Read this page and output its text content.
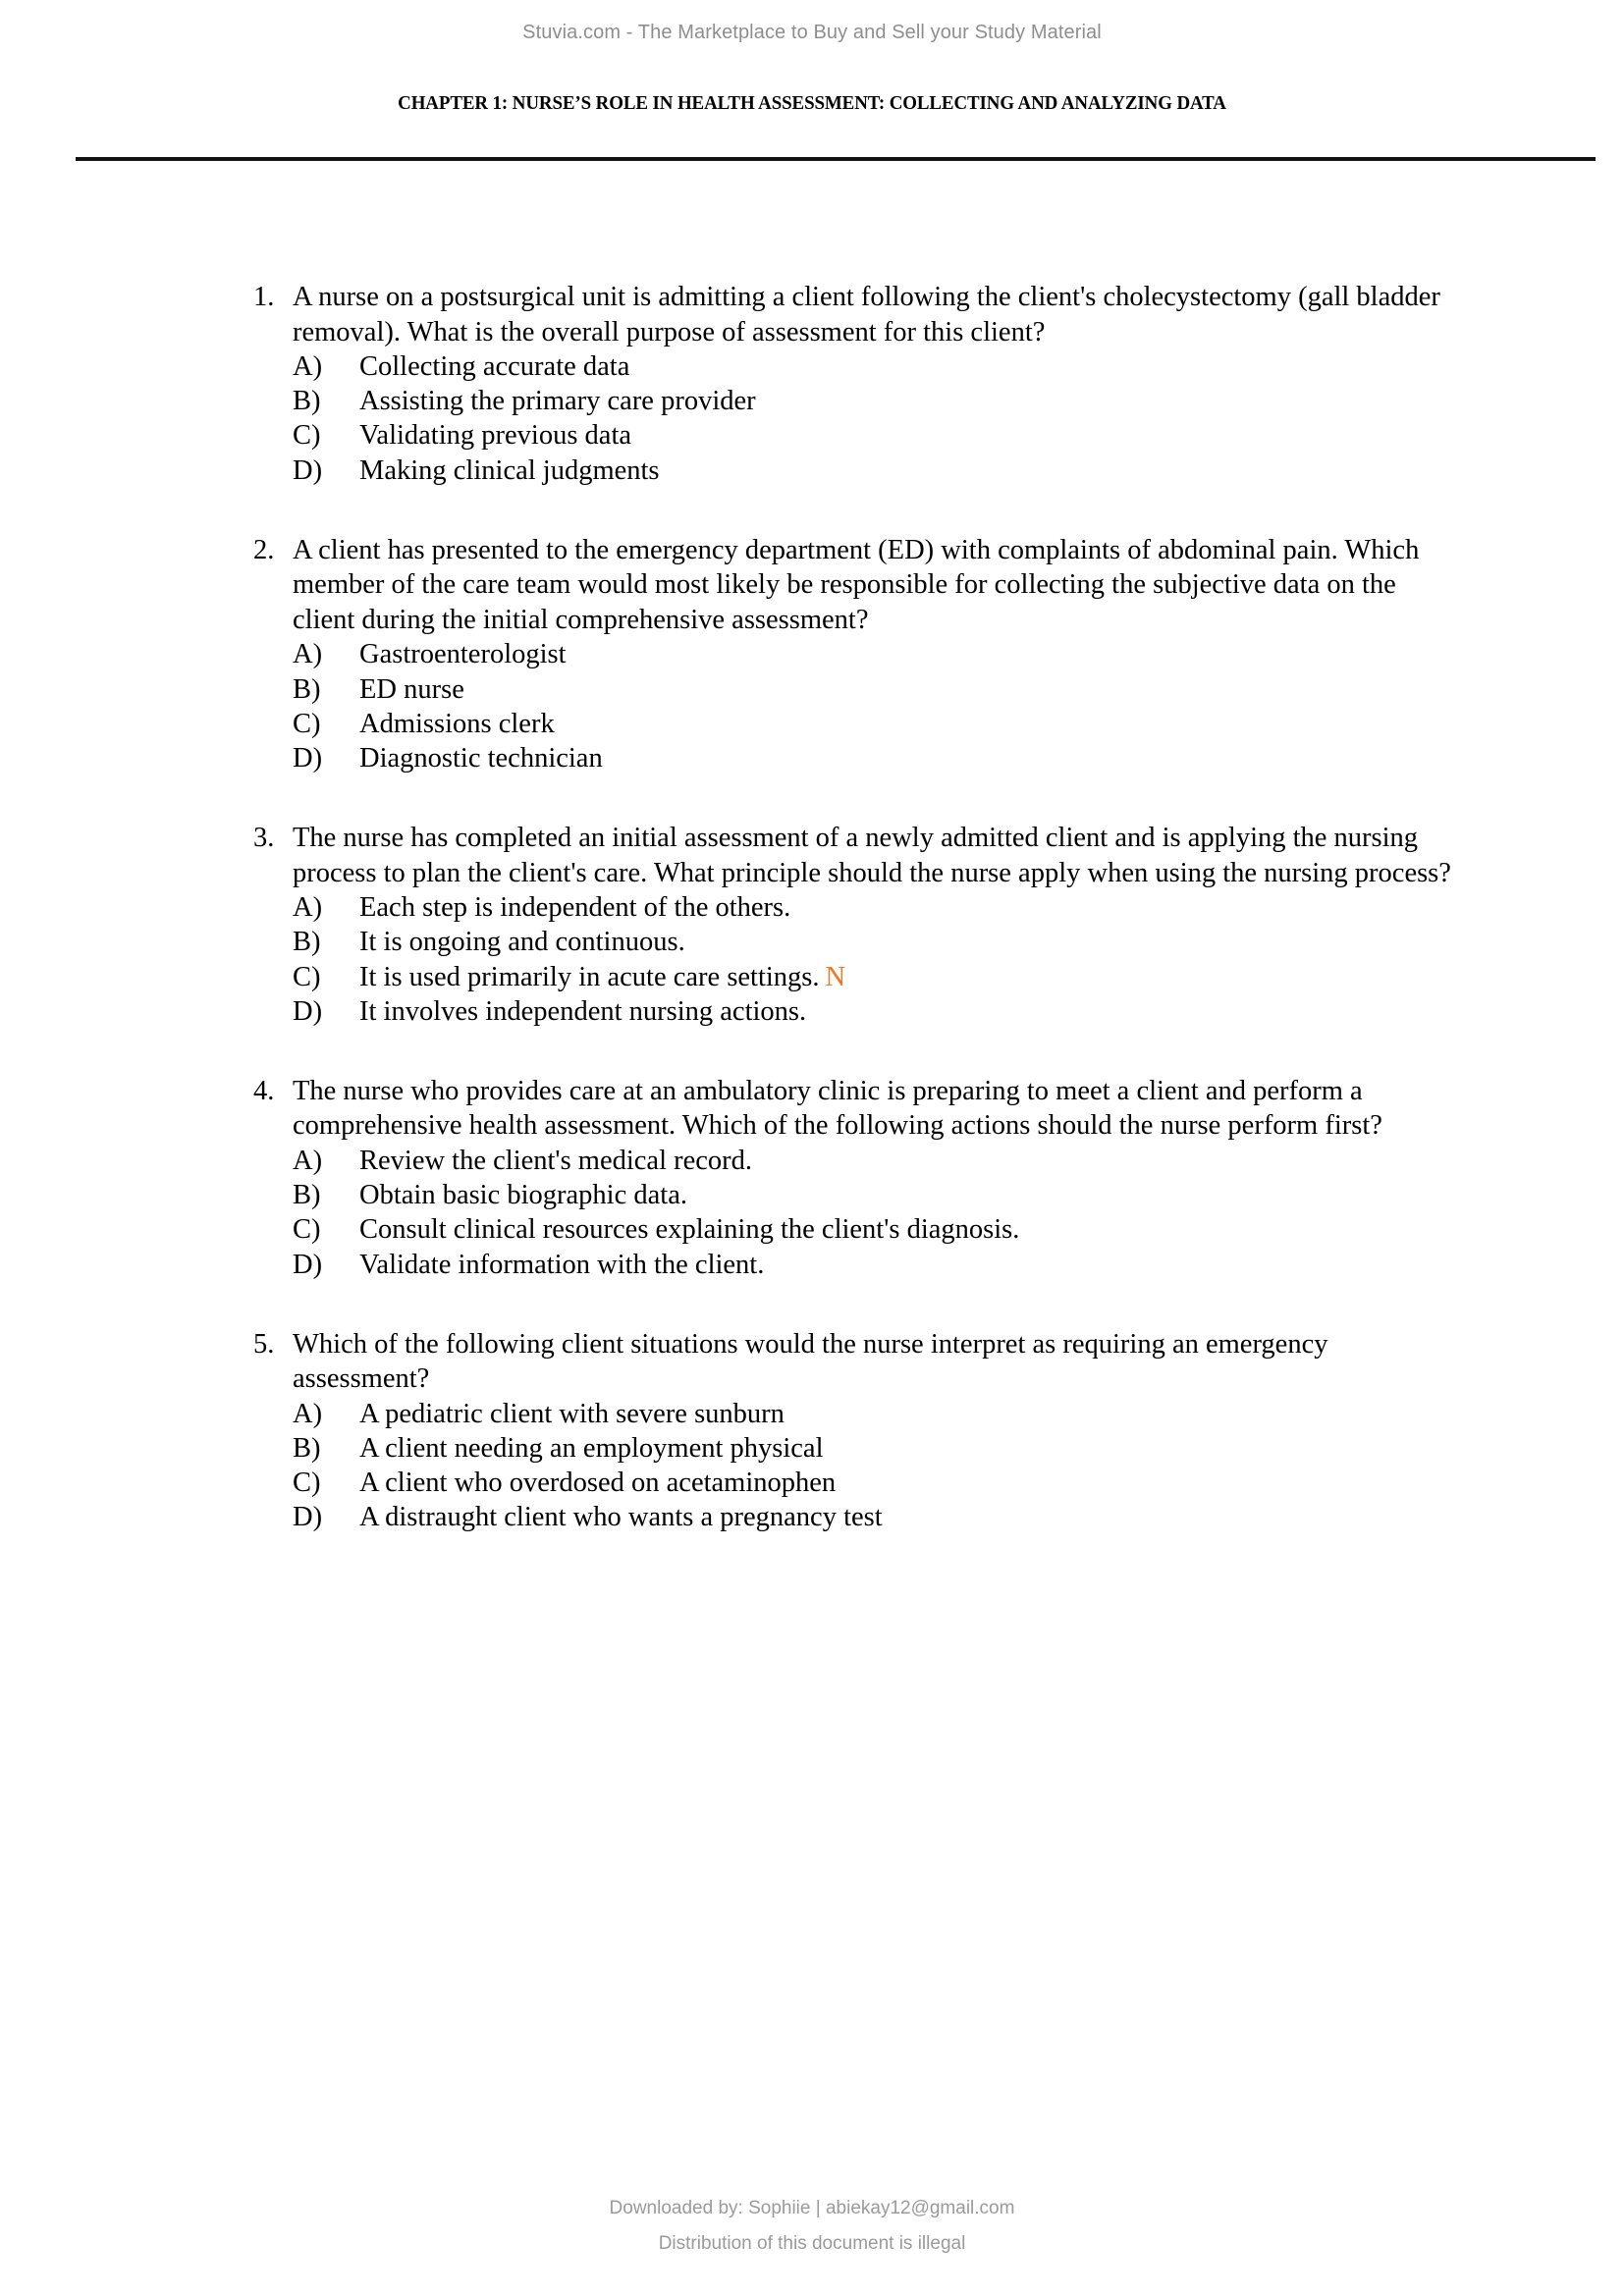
Stuvia.com - The Marketplace to Buy and Sell your Study Material
CHAPTER 1: NURSE’S ROLE IN HEALTH ASSESSMENT: COLLECTING AND ANALYZING DATA
1. A nurse on a postsurgical unit is admitting a client following the client's cholecystectomy (gall bladder removal). What is the overall purpose of assessment for this client?
A)	Collecting accurate data
B)	Assisting the primary care provider
C)	Validating previous data
D)	Making clinical judgments
2. A client has presented to the emergency department (ED) with complaints of abdominal pain. Which member of the care team would most likely be responsible for collecting the subjective data on the client during the initial comprehensive assessment?
A)	Gastroenterologist
B)	ED nurse
C)	Admissions clerk
D)	Diagnostic technician
3. The nurse has completed an initial assessment of a newly admitted client and is applying the nursing process to plan the client's care. What principle should the nurse apply when using the nursing process?
A)	Each step is independent of the others.
B)	It is ongoing and continuous.
C)	It is used primarily in acute care settings. N
D)	It involves independent nursing actions.
4. The nurse who provides care at an ambulatory clinic is preparing to meet a client and perform a comprehensive health assessment. Which of the following actions should the nurse perform first?
A)	Review the client's medical record.
B)	Obtain basic biographic data.
C)	Consult clinical resources explaining the client's diagnosis.
D)	Validate information with the client.
5. Which of the following client situations would the nurse interpret as requiring an emergency assessment?
A)	A pediatric client with severe sunburn
B)	A client needing an employment physical
C)	A client who overdosed on acetaminophen
D)	A distraught client who wants a pregnancy test
Downloaded by: Sophiie | abiekay12@gmail.com
Distribution of this document is illegal
